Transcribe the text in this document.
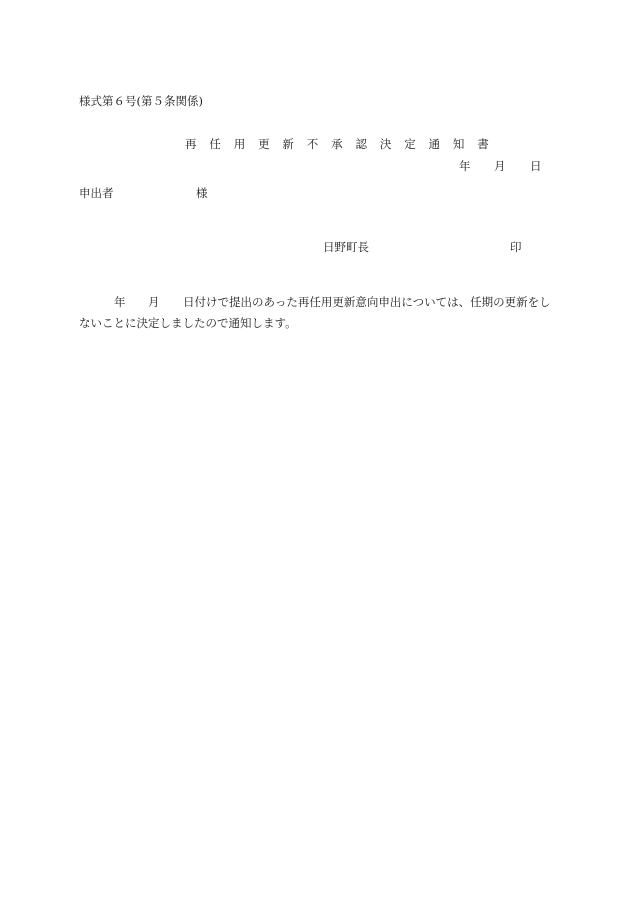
様式第６号(第５条関係)
再 任 用 更 新 不 承 認 決 定 通 知 書
年 月 日
申出者	様
日野町長	印
年 月 日付けで提出のあった再任用更新意向申出については、任期の更新をし
ないことに決定しましたので通知します。
